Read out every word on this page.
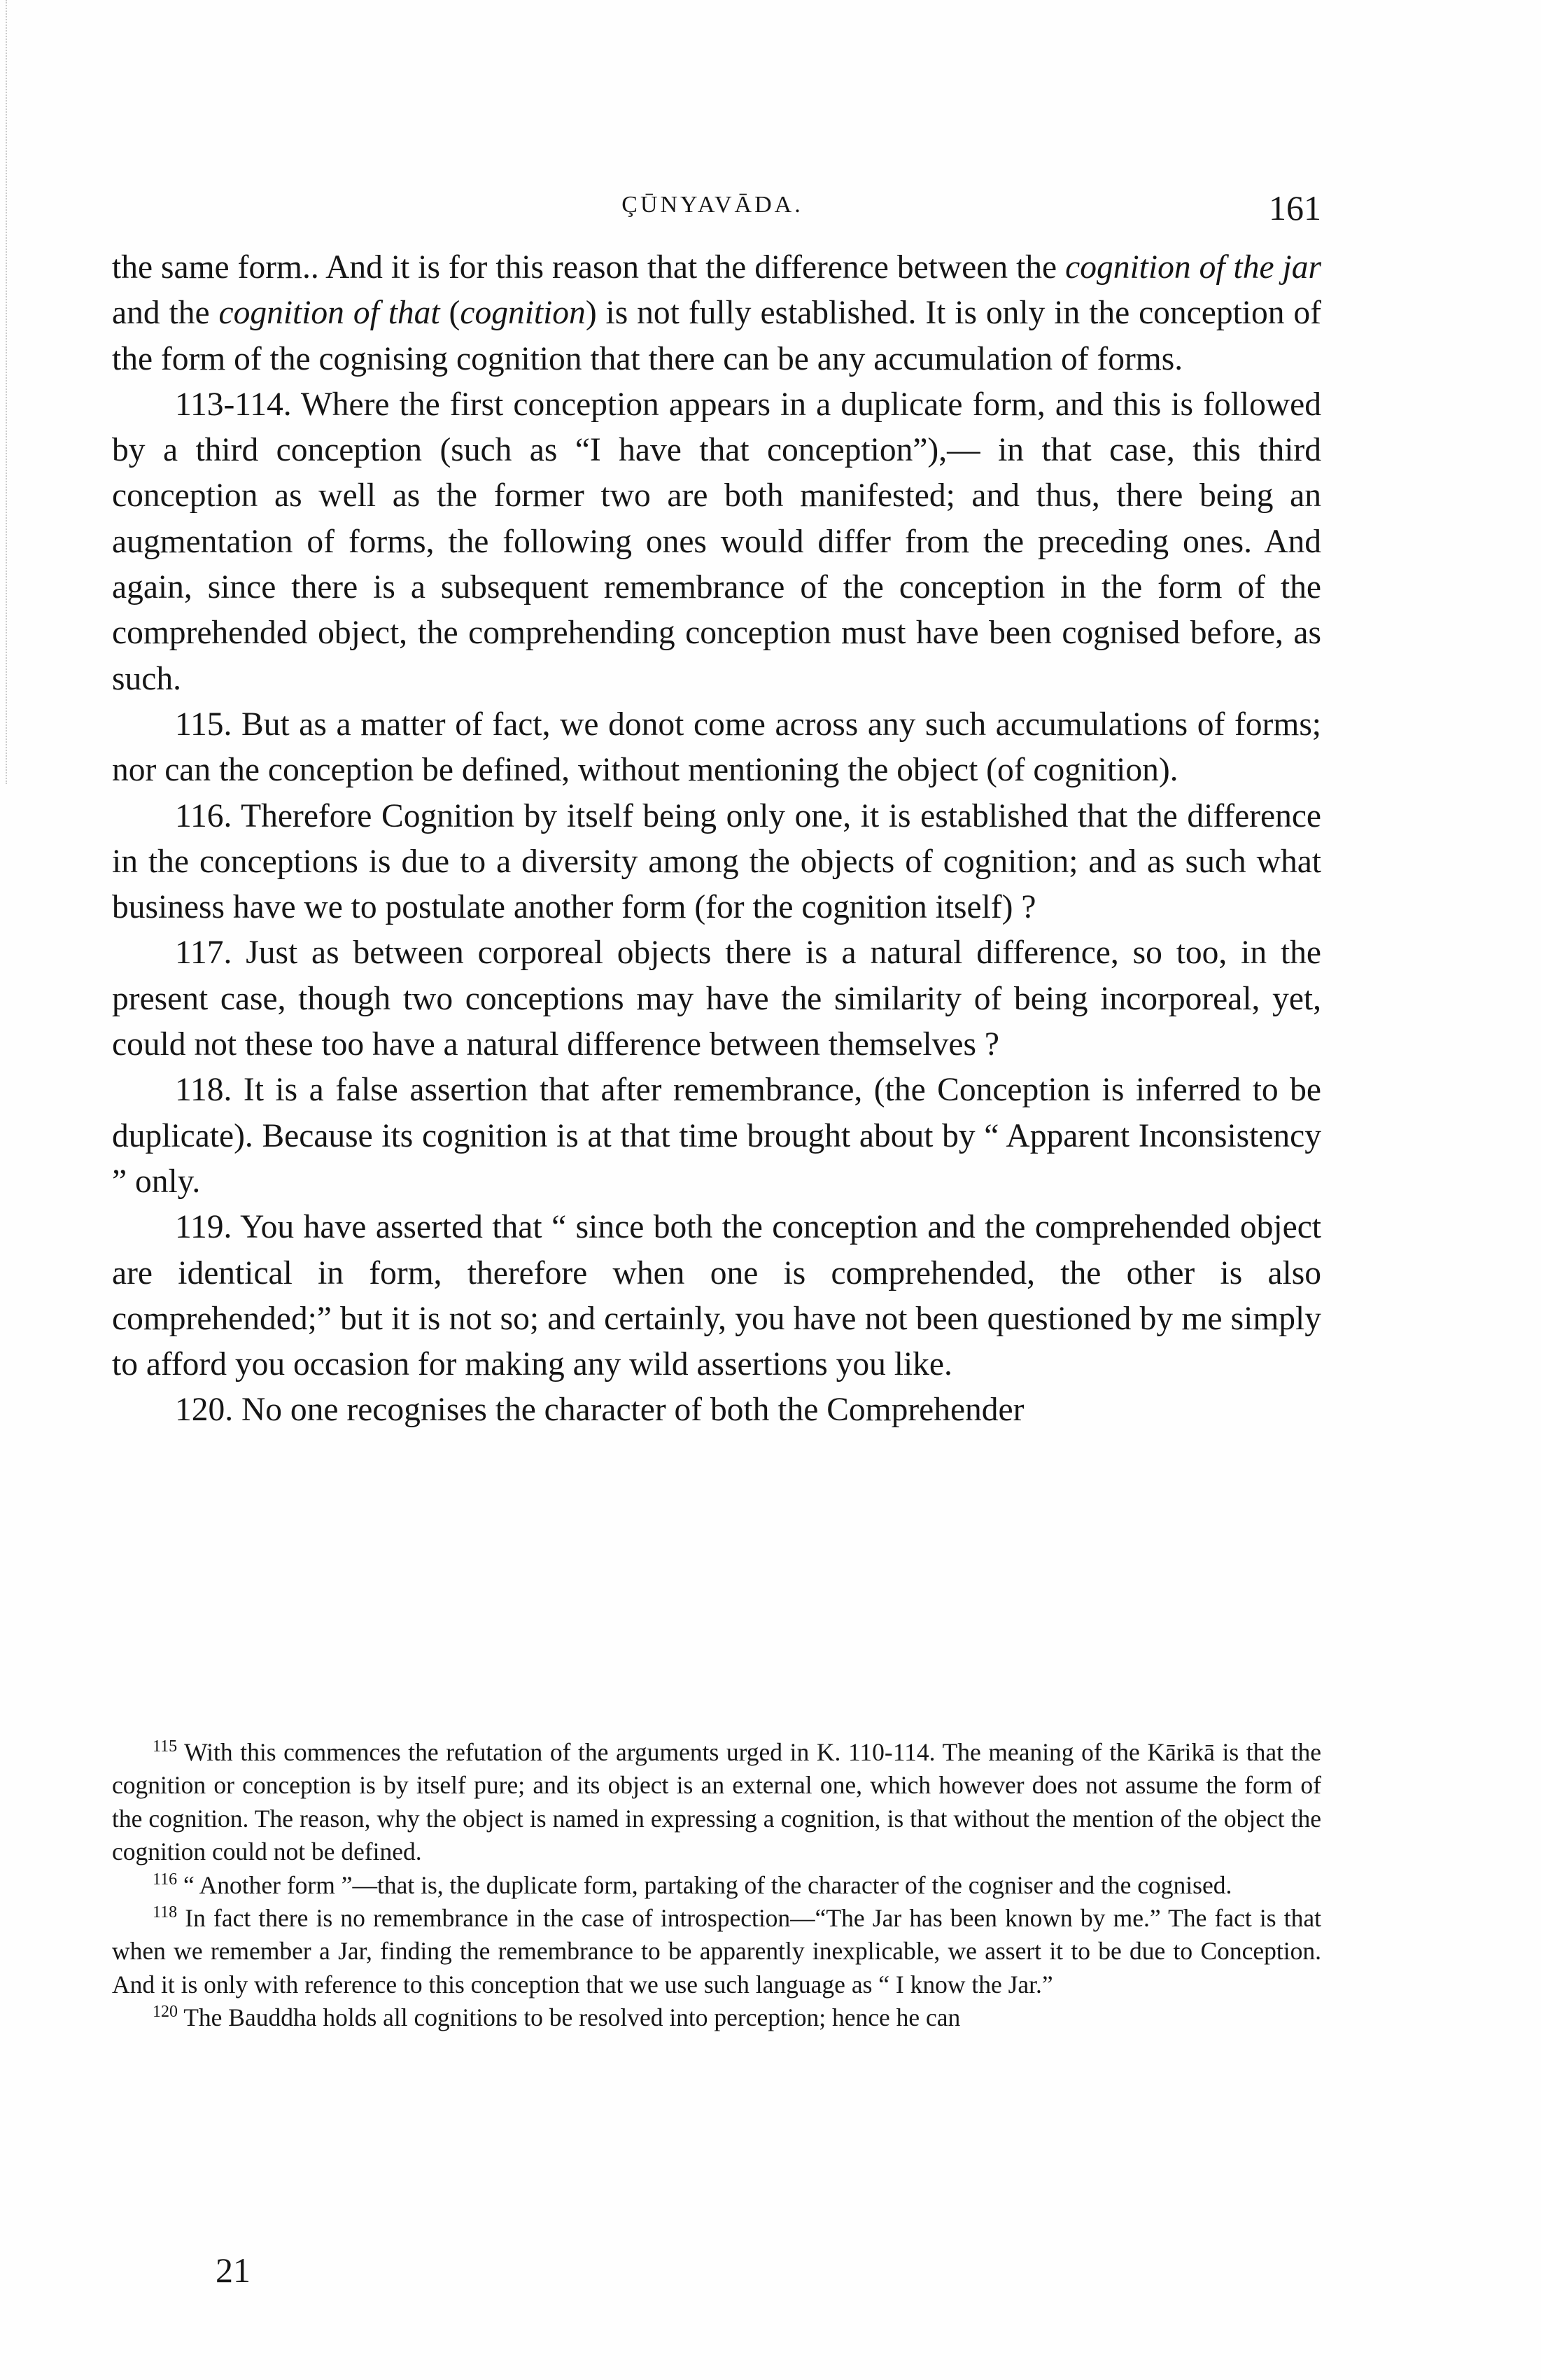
ÇŪNYAVĀDA.	161

the same form.. And it is for this reason that the difference between the cognition of the jar and the cognition of that (cognition) is not fully established. It is only in the conception of the form of the cognising cognition that there can be any accumulation of forms.

113-114. Where the first conception appears in a duplicate form, and this is followed by a third conception (such as “I have that conception”),— in that case, this third conception as well as the former two are both manifested; and thus, there being an augmentation of forms, the following ones would differ from the preceding ones. And again, since there is a subsequent remembrance of the conception in the form of the comprehended object, the comprehending conception must have been cognised before, as such.

115. But as a matter of fact, we donot come across any such accumulations of forms; nor can the conception be defined, without mentioning the object (of cognition).

116. Therefore Cognition by itself being only one, it is established that the difference in the conceptions is due to a diversity among the objects of cognition; and as such what business have we to postulate another form (for the cognition itself) ?

117. Just as between corporeal objects there is a natural difference, so too, in the present case, though two conceptions may have the similarity of being incorporeal, yet, could not these too have a natural difference between themselves ?

118. It is a false assertion that after remembrance, (the Conception is inferred to be duplicate). Because its cognition is at that time brought about by “ Apparent Inconsistency ” only.

119. You have asserted that “ since both the conception and the comprehended object are identical in form, therefore when one is comprehended, the other is also comprehended;” but it is not so; and certainly, you have not been questioned by me simply to afford you occasion for making any wild assertions you like.

120. No one recognises the character of both the Comprehender

$^{115}$ With this commences the refutation of the arguments urged in K. 110-114. The meaning of the Kārikā is that the cognition or conception is by itself pure; and its object is an external one, which however does not assume the form of the cognition. The reason, why the object is named in expressing a cognition, is that without the mention of the object the cognition could not be defined.

$^{116}$ “ Another form ”—that is, the duplicate form, partaking of the character of the cogniser and the cognised.

$^{118}$ In fact there is no remembrance in the case of introspection—“The Jar has been known by me.” The fact is that when we remember a Jar, finding the remembrance to be apparently inexplicable, we assert it to be due to Conception. And it is only with reference to this conception that we use such language as “ I know the Jar.”

$^{120}$ The Bauddha holds all cognitions to be resolved into perception; hence he can

21
